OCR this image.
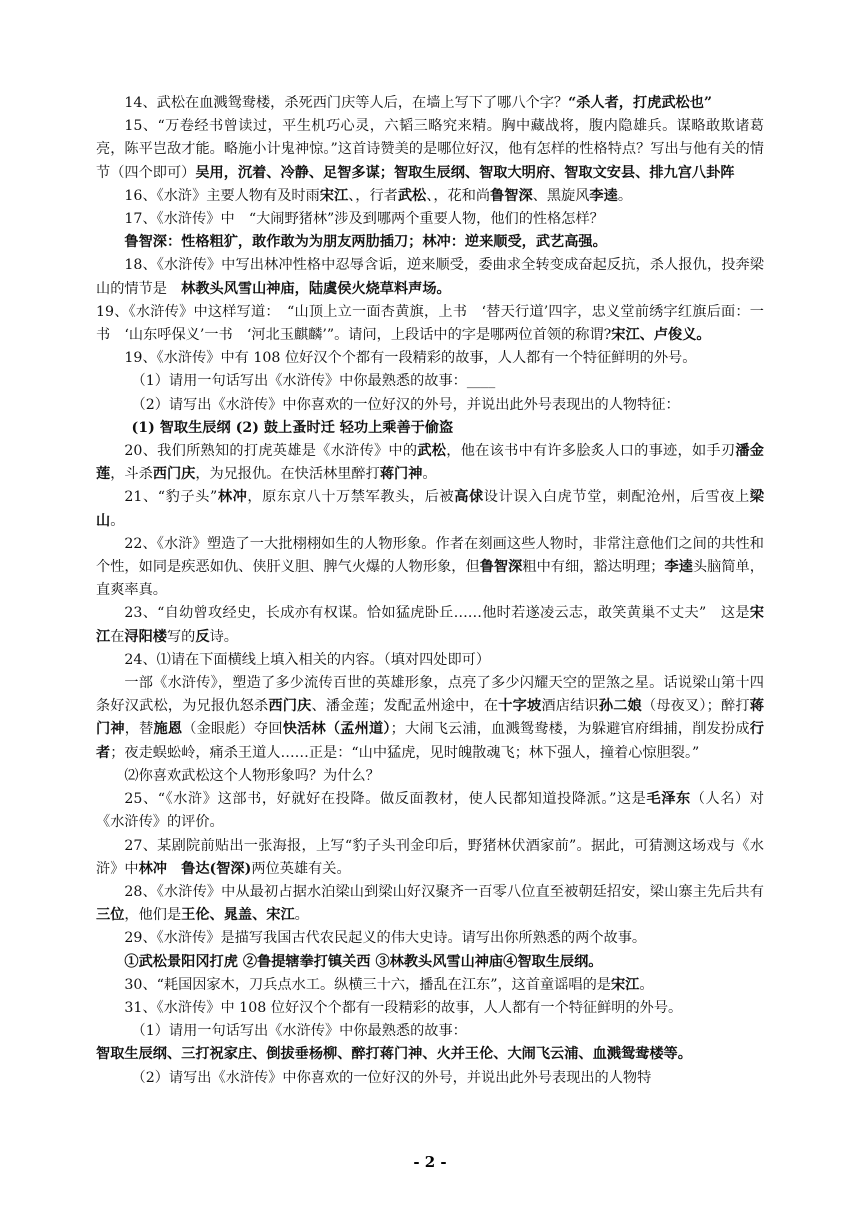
14、武松在血溅鸳鸯楼，杀死西门庆等人后，在墙上写下了哪八个字？“杀人者，打虎武松也”

15、“万卷经书曾读过，平生机巧心灵，六韬三略究来精。胸中藏战将，腹内隐雄兵。谋略敢欺诸葛亮，陈平岂敌才能。略施小计鬼神惊。”这首诗赞美的是哪位好汉，他有怎样的性格特点？写出与他有关的情节（四个即可）吴用，沉着、冷静、足智多谋；智取生辰纲、智取大明府、智取文安县、排九宫八卦阵

16、《水浒》主要人物有及时雨宋江、，行者武松、，花和尚鲁智深、黑旋风李逵。

17、《水浒传》中　“大闹野猪林”涉及到哪两个重要人物，他们的性格怎样？

鲁智深：性格粗犷，敢作敢为为朋友两肋插刀；林冲：逆来顺受，武艺高强。

18、《水浒传》中写出林冲性格中忍辱含诟，逆来顺受，委曲求全转变成奋起反抗，杀人报仇，投奔梁山的情节是　林教头风雪山神庙，陆虞侯火烧草料声场。

19、《水浒传》中这样写道：　“山顶上立一面杏黄旗，上书　‘替天行道’四字，忠义堂前绣字红旗后面：一书　‘山东呼保义’一书　‘河北玉麒麟’”。请问，上段话中的字是哪两位首领的称谓?宋江、卢俊义。

19、《水浒传》中有 108 位好汉个个都有一段精彩的故事，人人都有一个特征鲜明的外号。

（1）请用一句话写出《水浒传》中你最熟悉的故事：____

（2）请写出《水浒传》中你喜欢的一位好汉的外号，并说出此外号表现出的人物特征：

(1) 智取生辰纲 (2) 鼓上蚤时迁 轻功上乘善于偷盗

20、我们所熟知的打虎英雄是《水浒传》中的武松，他在该书中有许多脍炙人口的事迹，如手刃潘金莲，斗杀西门庆，为兄报仇。在快活林里醉打蒋门神。

21、“豹子头”林冲，原东京八十万禁军教头，后被高俅设计误入白虎节堂，刺配沧州，后雪夜上梁山。

22、《水浒》塑造了一大批栩栩如生的人物形象。作者在刻画这些人物时，非常注意他们之间的共性和个性，如同是疾恶如仇、侠肝义胆、脾气火爆的人物形象，但鲁智深粗中有细，豁达明理；李逵头脑简单，直爽率真。

23、“自幼曾攻经史，长成亦有权谋。恰如猛虎卧丘……他时若遂凌云志，敢笑黄巢不丈夫”　这是宋江在浔阳楼写的反诗。

24、⑴请在下面横线上填入相关的内容。（填对四处即可）

一部《水浒传》，塑造了多少流传百世的英雄形象，点亮了多少闪耀天空的罡煞之星。话说梁山第十四条好汉武松，为兄报仇怒杀西门庆、潘金莲；发配孟州途中，在十字坡酒店结识孙二娘（母夜叉）；醉打蒋门神，替施恩（金眼彪）夺回快活林（孟州道）；大闹飞云浦，血溅鸳鸯楼，为躲避官府缉捕，削发扮成行者；夜走蜈蚣岭，痛杀王道人……正是：“山中猛虎，见时魄散魂飞；林下强人，撞着心惊胆裂。”

⑵你喜欢武松这个人物形象吗？为什么？

25、“《水浒》这部书，好就好在投降。做反面教材，使人民都知道投降派。”这是毛泽东（人名）对《水浒传》的评价。

27、某剧院前贴出一张海报，上写“豹子头刊金印后，野猪林伏酒家前”。据此，可猜测这场戏与《水浒》中林冲　鲁达(智深)两位英雄有关。

28、《水浒传》中从最初占据水泊梁山到梁山好汉聚齐一百零八位直至被朝廷招安，梁山寨主先后共有三位，他们是王伦、晁盖、宋江。

29、《水浒传》是描写我国古代农民起义的伟大史诗。请写出你所熟悉的两个故事。

①武松景阳冈打虎 ②鲁提辖拳打镇关西 ③林教头风雪山神庙④智取生辰纲。

30、“耗国因家木，刀兵点水工。纵横三十六，播乱在江东”，这首童谣唱的是宋江。

31、《水浒传》中 108 位好汉个个都有一段精彩的故事，人人都有一个特征鲜明的外号。

（1）请用一句话写出《水浒传》中你最熟悉的故事：

智取生辰纲、三打祝家庄、倒拔垂杨柳、醉打蒋门神、火并王伦、大闹飞云浦、血溅鸳鸯楼等。

（2）请写出《水浒传》中你喜欢的一位好汉的外号，并说出此外号表现出的人物特

- 2 -
